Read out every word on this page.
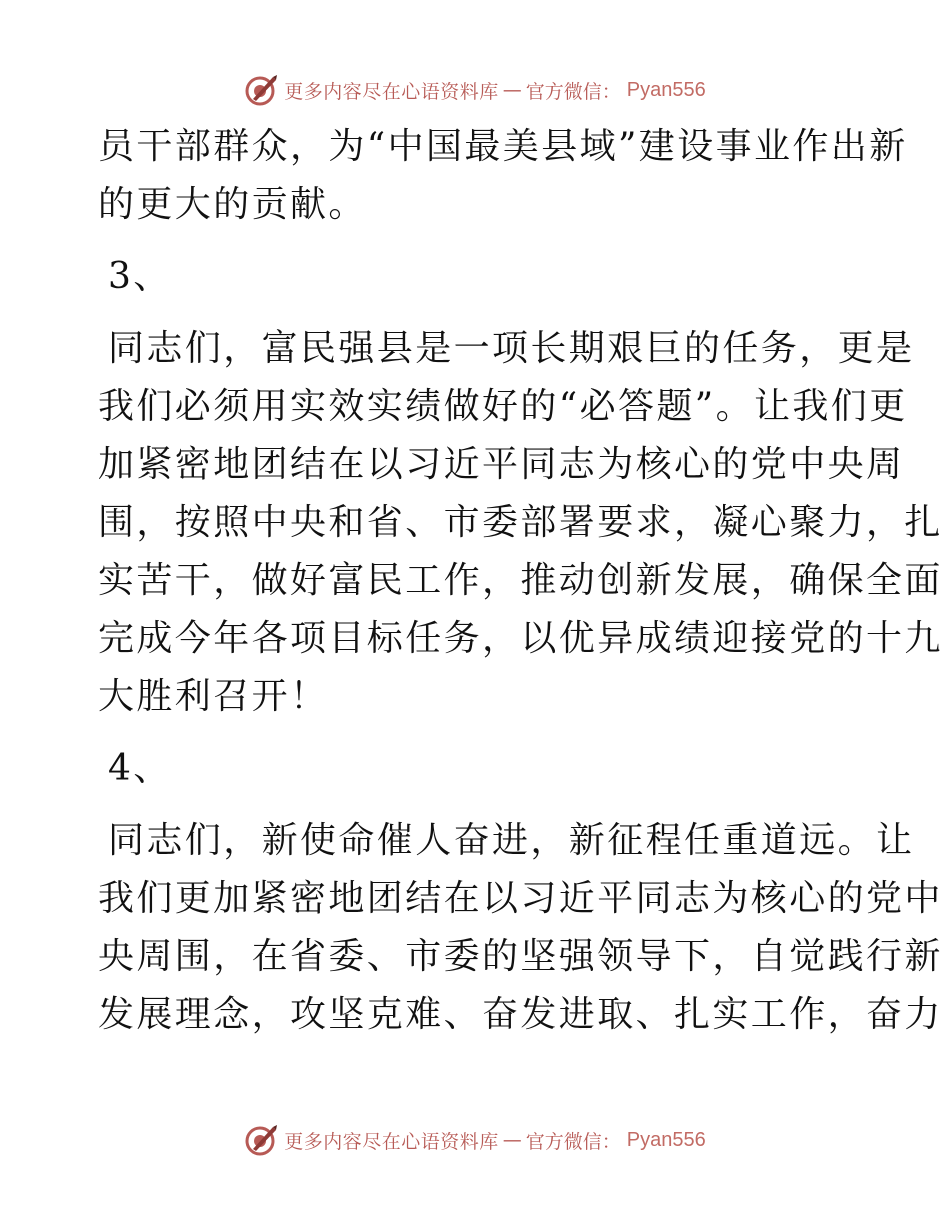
更多内容尽在心语资料库 — 官方微信： Pyan556
员干部群众，为“中国最美县域”建设事业作出新
的更大的贡献。
3、
同志们，富民强县是一项长期艰巨的任务，更是
我们必须用实效实绩做好的“必答题”。让我们更
加紧密地团结在以习近平同志为核心的党中央周
围，按照中央和省、市委部署要求，凝心聚力，扎
实苦干，做好富民工作，推动创新发展，确保全面
完成今年各项目标任务，以优异成绩迎接党的十九
大胜利召开！
4、
同志们，新使命催人奋进，新征程任重道远。让
我们更加紧密地团结在以习近平同志为核心的党中
央周围，在省委、市委的坚强领导下，自觉践行新
发展理念，攻坚克难、奋发进取、扎实工作，奋力
更多内容尽在心语资料库 — 官方微信： Pyan556
